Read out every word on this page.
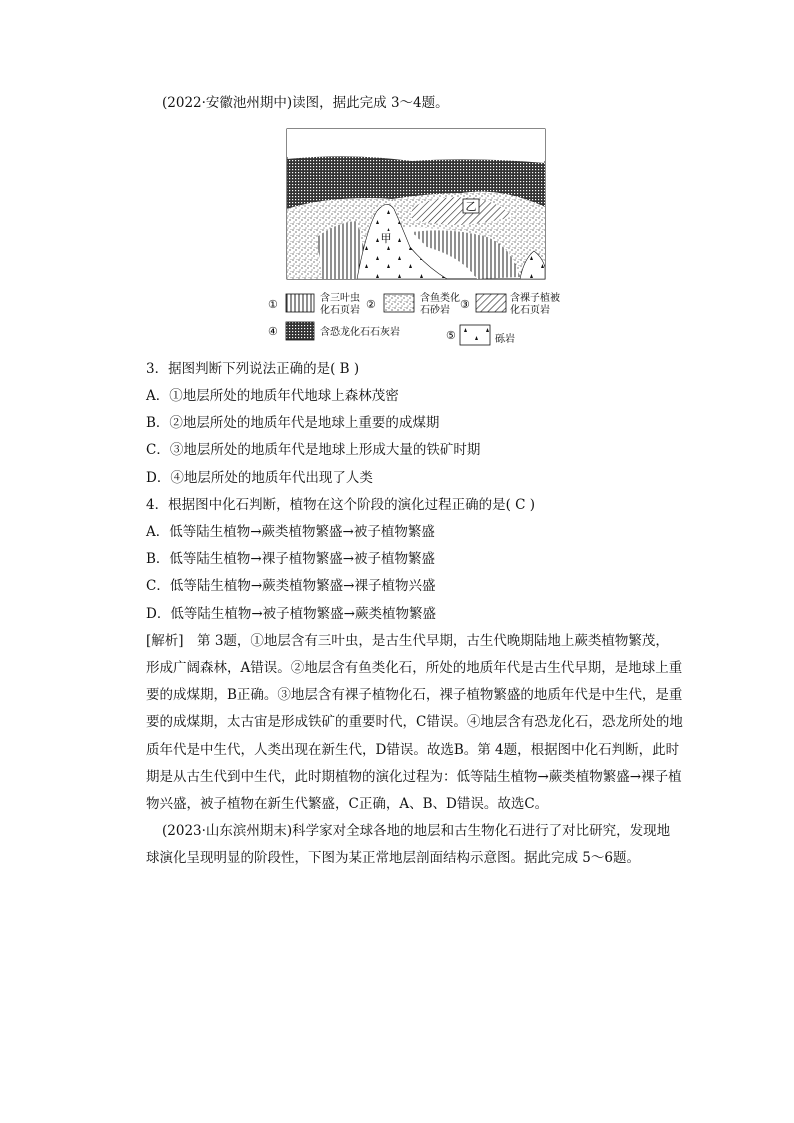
(2022·安徽池州期中)读图，据此完成 3～4题。
乙
甲
①	含三叶虫
化石页岩 ②	含鱼类化
石砂岩 ③	含裸子植被
化石页岩
④	含恐龙化石石灰岩	⑤	砾岩
3．据图判断下列说法正确的是( B )
A．①地层所处的地质年代地球上森林茂密
B．②地层所处的地质年代是地球上重要的成煤期
C．③地层所处的地质年代是地球上形成大量的铁矿时期
D．④地层所处的地质年代出现了人类
4．根据图中化石判断，植物在这个阶段的演化过程正确的是( C )
A．低等陆生植物→蕨类植物繁盛→被子植物繁盛
B．低等陆生植物→裸子植物繁盛→被子植物繁盛
C．低等陆生植物→蕨类植物繁盛→裸子植物兴盛
D．低等陆生植物→被子植物繁盛→蕨类植物繁盛
[解析]　第 3题，①地层含有三叶虫，是古生代早期，古生代晚期陆地上蕨类植物繁茂，
形成广阔森林，A错误。②地层含有鱼类化石，所处的地质年代是古生代早期，是地球上重
要的成煤期，B正确。③地层含有裸子植物化石，裸子植物繁盛的地质年代是中生代，是重
要的成煤期，太古宙是形成铁矿的重要时代，C错误。④地层含有恐龙化石，恐龙所处的地
质年代是中生代，人类出现在新生代，D错误。故选B。第 4题，根据图中化石判断，此时
期是从古生代到中生代，此时期植物的演化过程为：低等陆生植物→蕨类植物繁盛→裸子植
物兴盛，被子植物在新生代繁盛，C正确，A、B、D错误。故选C。
(2023·山东滨州期末)科学家对全球各地的地层和古生物化石进行了对比研究，发现地
球演化呈现明显的阶段性，下图为某正常地层剖面结构示意图。据此完成 5～6题。
